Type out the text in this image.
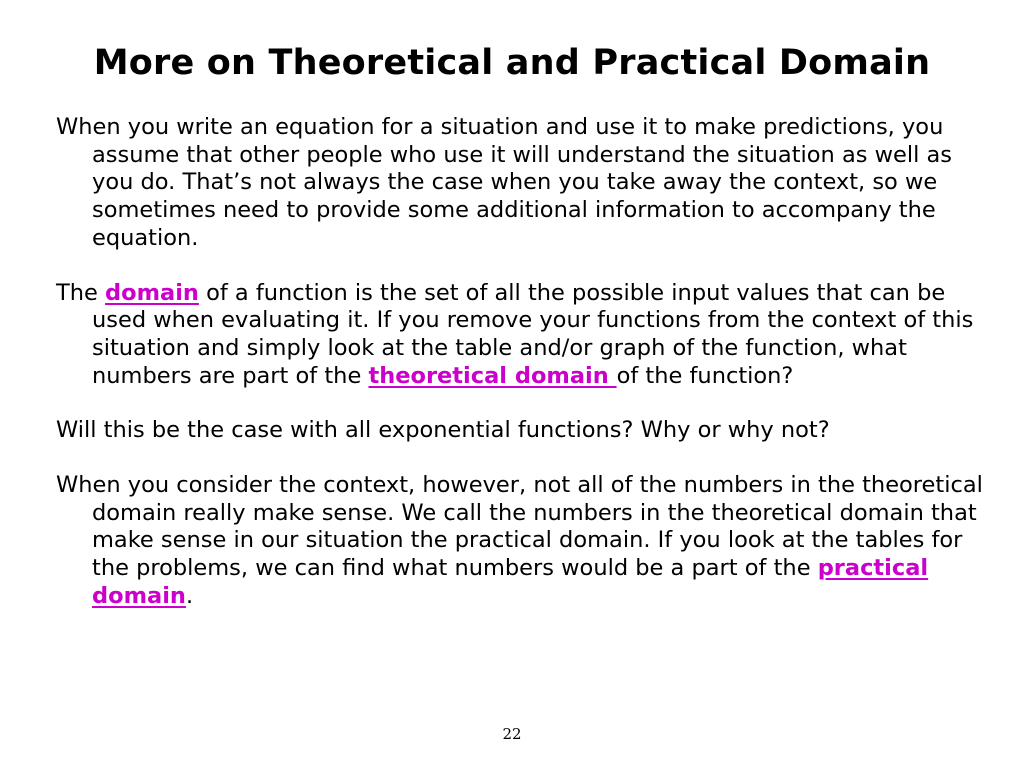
More on Theoretical and Practical Domain

When you write an equation for a situation and use it to make predictions, you assume that other people who use it will understand the situation as well as you do. That’s not always the case when you take away the context, so we sometimes need to provide some additional information to accompany the equation.

The domain of a function is the set of all the possible input values that can be used when evaluating it. If you remove your functions from the context of this situation and simply look at the table and/or graph of the function, what numbers are part of the theoretical domain of the function?

Will this be the case with all exponential functions? Why or why not?

When you consider the context, however, not all of the numbers in the theoretical domain really make sense. We call the numbers in the theoretical domain that make sense in our situation the practical domain. If you look at the tables for the problems, we can find what numbers would be a part of the practical domain.

22
